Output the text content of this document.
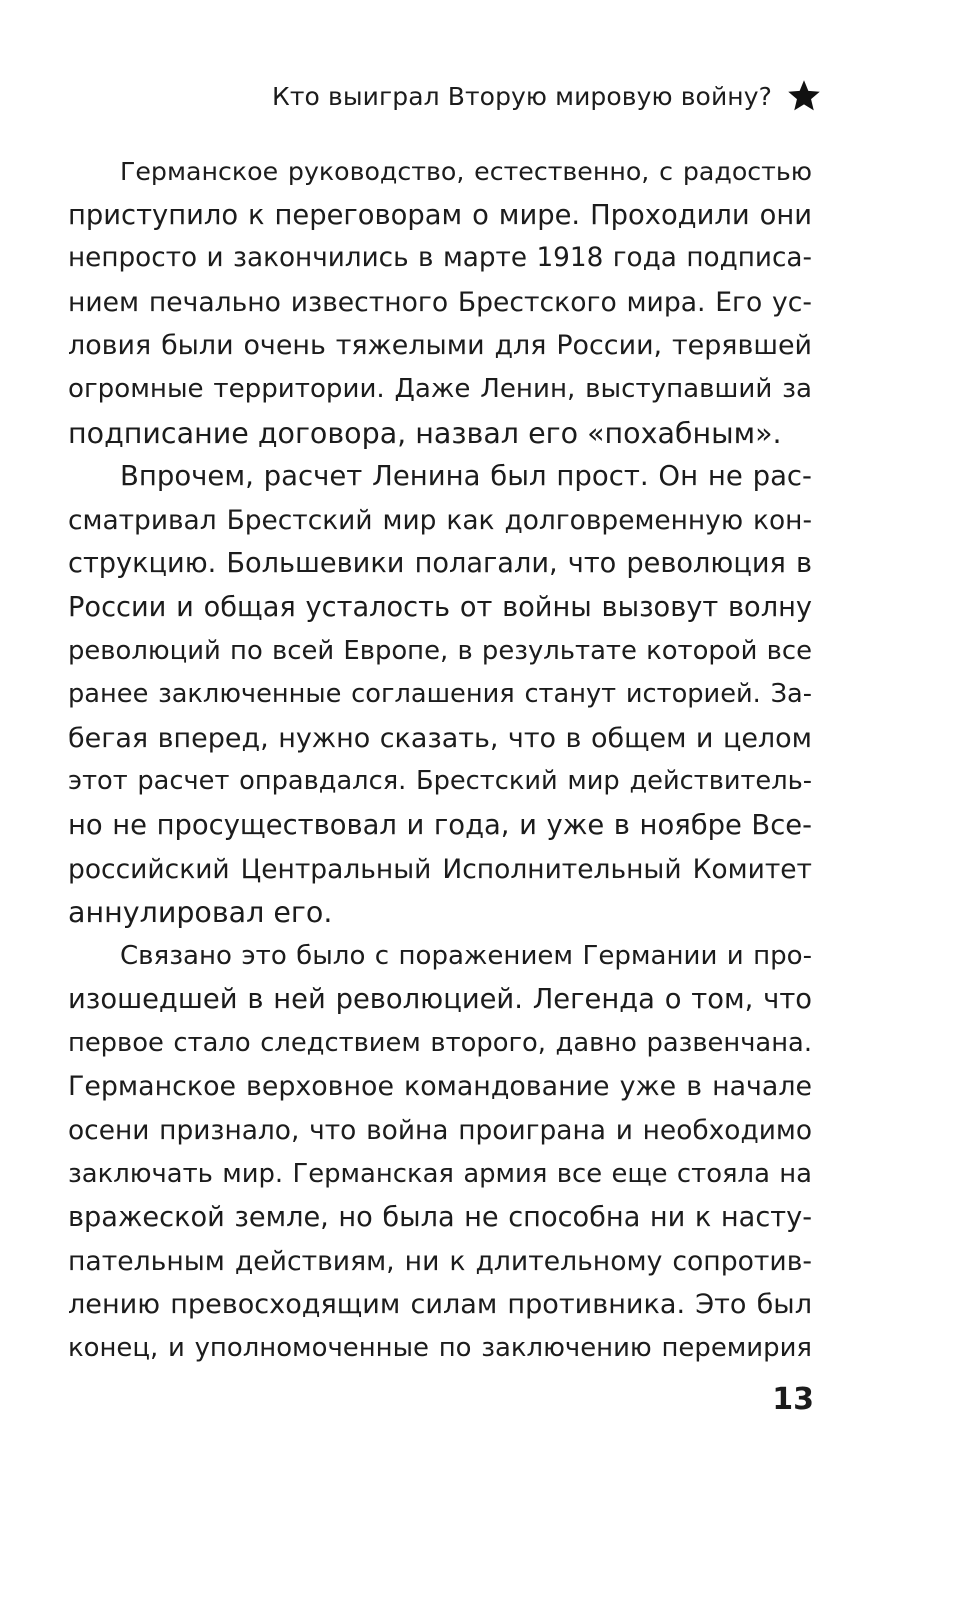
Кто выиграл Вторую мировую войну?

Германское руководство, естественно, с радостью
приступило к переговорам о мире. Проходили они
непросто и закончились в марте 1918 года подписа-
нием печально известного Брестского мира. Его ус-
ловия были очень тяжелыми для России, терявшей
огромные территории. Даже Ленин, выступавший за
подписание договора, назвал его «похабным».

Впрочем, расчет Ленина был прост. Он не рас-
сматривал Брестский мир как долговременную кон-
струкцию. Большевики полагали, что революция в
России и общая усталость от войны вызовут волну
революций по всей Европе, в результате которой все
ранее заключенные соглашения станут историей. За-
бегая вперед, нужно сказать, что в общем и целом
этот расчет оправдался. Брестский мир действитель-
но не просуществовал и года, и уже в ноябре Все-
российский Центральный Исполнительный Комитет
аннулировал его.

Связано это было с поражением Германии и про-
изошедшей в ней революцией. Легенда о том, что
первое стало следствием второго, давно развенчана.
Германское верховное командование уже в начале
осени признало, что война проиграна и необходимо
заключать мир. Германская армия все еще стояла на
вражеской земле, но была не способна ни к насту-
пательным действиям, ни к длительному сопротив-
лению превосходящим силам противника. Это был
конец, и уполномоченные по заключению перемирия

13
